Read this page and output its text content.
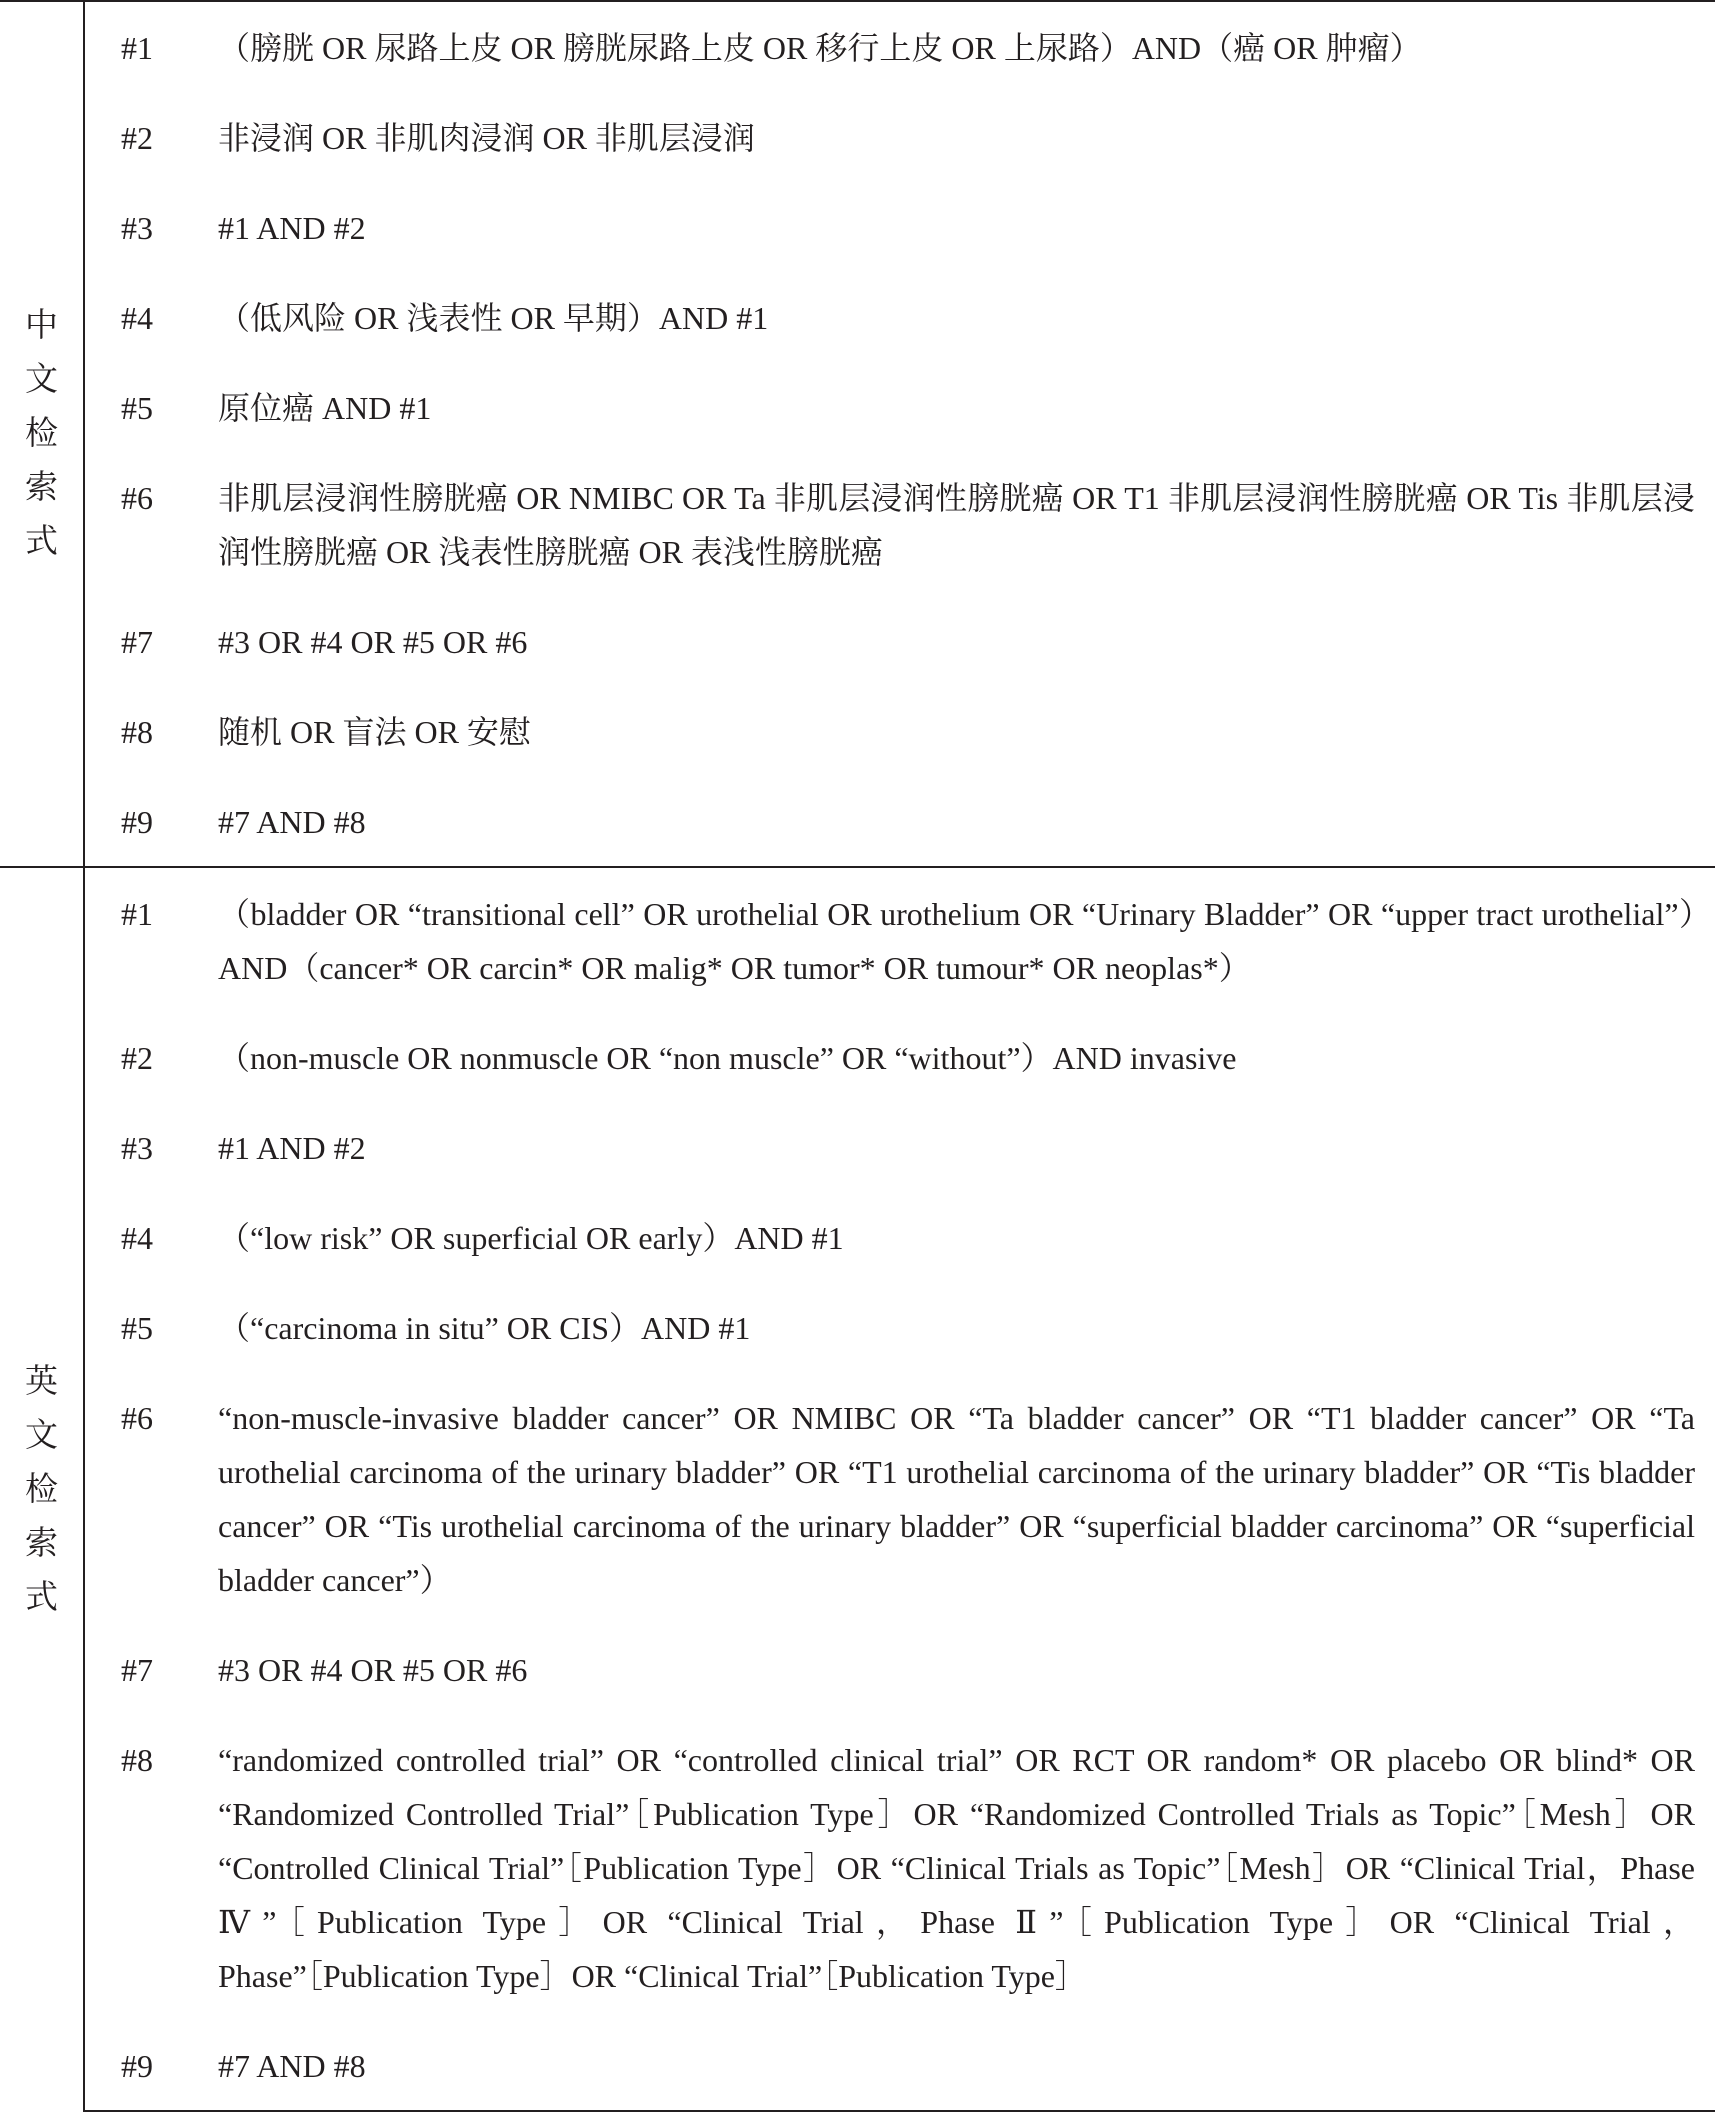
中
文
检
索
式	#1	（膀胱 OR 尿路上皮 OR 膀胱尿路上皮 OR 移行上皮 OR 上尿路）AND（癌 OR 肿瘤）
	#2	非浸润 OR 非肌肉浸润 OR 非肌层浸润
	#3	#1 AND #2
	#4	（低风险 OR 浅表性 OR 早期）AND #1
	#5	原位癌 AND #1
	#6	非肌层浸润性膀胱癌 OR NMIBC OR Ta 非肌层浸润性膀胱癌 OR T1 非肌层浸润性膀胱癌 OR Tis 非肌层浸润性膀胱癌 OR 浅表性膀胱癌 OR 表浅性膀胱癌
	#7	#3 OR #4 OR #5 OR #6
	#8	随机 OR 盲法 OR 安慰
	#9	#7 AND #8

英
文
检
索
式	#1	（bladder OR “transitional cell” OR urothelial OR urothelium OR “Urinary Bladder” OR “upper tract urothelial”）AND（cancer* OR carcin* OR malig* OR tumor* OR tumour* OR neoplas*）
	#2	（non-muscle OR nonmuscle OR “non muscle” OR “without”）AND invasive
	#3	#1 AND #2
	#4	（“low risk” OR superficial OR early）AND #1
	#5	（“carcinoma in situ” OR CIS）AND #1
	#6	“non-muscle-invasive bladder cancer” OR NMIBC OR “Ta bladder cancer” OR “T1 bladder cancer” OR “Ta urothelial carcinoma of the urinary bladder” OR “T1 urothelial carcinoma of the urinary bladder” OR “Tis bladder cancer” OR “Tis urothelial carcinoma of the urinary bladder” OR “superficial bladder carcinoma” OR “superficial bladder cancer”）
	#7	#3 OR #4 OR #5 OR #6
	#8	“randomized controlled trial” OR “controlled clinical trial” OR RCT OR random* OR placebo OR blind* OR “Randomized Controlled Trial”［Publication Type］OR “Randomized Controlled Trials as Topic”［Mesh］OR “Controlled Clinical Trial”［Publication Type］OR “Clinical Trials as Topic”［Mesh］OR “Clinical Trial，Phase Ⅳ”［Publication Type］OR “Clinical Trial，Phase Ⅱ”［Publication Type］OR “Clinical Trial，Phase”［Publication Type］OR “Clinical Trial”［Publication Type］
	#9	#7 AND #8
